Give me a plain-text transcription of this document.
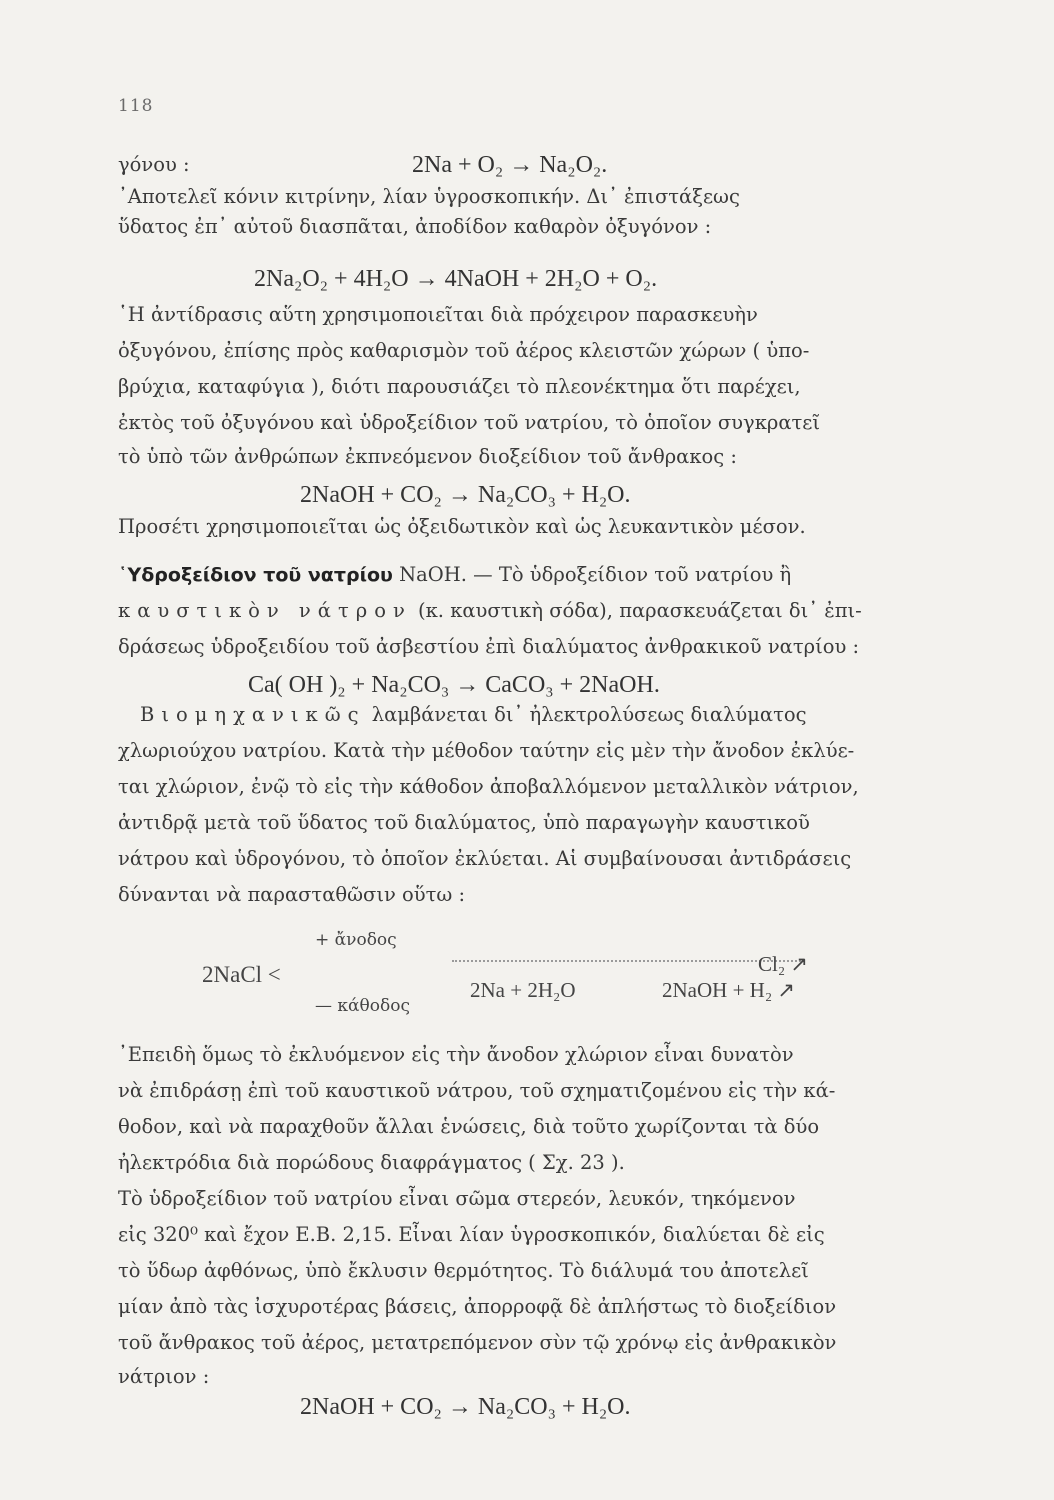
118
γόνου :	2Na + O₂ → Na₂O₂.
᾿Αποτελεῖ κόνιν κιτρίνην, λίαν ὑγροσκοπικήν. Δι᾿ ἐπιστάξεως
ὕδατος ἐπ᾿ αὐτοῦ διασπᾶται, ἀποδίδον καθαρὸν ὀξυγόνον :
2Na₂O₂ + 4H₂O → 4NaOH + 2H₂O + O₂.
῾Η ἀντίδρασις αὕτη χρησιμοποιεῖται διὰ πρόχειρον παρασκευὴν
ὀξυγόνου, ἐπίσης πρὸς καθαρισμὸν τοῦ ἀέρος κλειστῶν χώρων ( ὑπο-
βρύχια, καταφύγια ), διότι παρουσιάζει τὸ πλεονέκτημα ὅτι παρέχει,
ἐκτὸς τοῦ ὀξυγόνου καὶ ὑδροξείδιον τοῦ νατρίου, τὸ ὁποῖον συγκρατεῖ
τὸ ὑπὸ τῶν ἀνθρώπων ἐκπνεόμενον διοξείδιον τοῦ ἄνθρακος :
2NaOH + CO₂ → Na₂CO₃ + H₂O.
Προσέτι χρησιμοποιεῖται ὡς ὀξειδωτικὸν καὶ ὡς λευκαντικὸν μέσον.
῾Υδροξείδιον τοῦ νατρίου NaOH. — Τὸ ὑδροξείδιον τοῦ νατρίου ἢ
καυστικὸν νάτρον (κ. καυστικὴ σόδα), παρασκευάζεται δι᾿ ἐπι-
δράσεως ὑδροξειδίου τοῦ ἀσβεστίου ἐπὶ διαλύματος ἀνθρακικοῦ νατρίου :
Ca( OH )₂ + Na₂CO₃ → CaCO₃ + 2NaOH.
Βιομηχανικῶς λαμβάνεται δι᾿ ἠλεκτρολύσεως διαλύματος
χλωριούχου νατρίου. Κατὰ τὴν μέθοδον ταύτην εἰς μὲν τὴν ἄνοδον ἐκλύε-
ται χλώριον, ἐνῷ τὸ εἰς τὴν κάθοδον ἀποβαλλόμενον μεταλλικὸν νάτριον,
ἀντιδρᾷ μετὰ τοῦ ὕδατος τοῦ διαλύματος, ὑπὸ παραγωγὴν καυστικοῦ
νάτρου καὶ ὑδρογόνου, τὸ ὁποῖον ἐκλύεται. Αἱ συμβαίνουσαι ἀντιδράσεις
δύνανται νὰ παρασταθῶσιν οὕτω :
+ ἄνοδος
2NaCl <	Cl₂ ↗
2Na + 2H₂O	2NaOH + H₂ ↗
— κάθοδος
᾿Επειδὴ ὅμως τὸ ἐκλυόμενον εἰς τὴν ἄνοδον χλώριον εἶναι δυνατὸν
νὰ ἐπιδράσῃ ἐπὶ τοῦ καυστικοῦ νάτρου, τοῦ σχηματιζομένου εἰς τὴν κά-
θοδον, καὶ νὰ παραχθοῦν ἄλλαι ἑνώσεις, διὰ τοῦτο χωρίζονται τὰ δύο
ἠλεκτρόδια διὰ πορώδους διαφράγματος ( Σχ. 23 ).
Τὸ ὑδροξείδιον τοῦ νατρίου εἶναι σῶμα στερεόν, λευκόν, τηκόμενον
εἰς 320⁰ καὶ ἔχον Ε.Β. 2,15. Εἶναι λίαν ὑγροσκοπικόν, διαλύεται δὲ εἰς
τὸ ὕδωρ ἀφθόνως, ὑπὸ ἔκλυσιν θερμότητος. Τὸ διάλυμά του ἀποτελεῖ
μίαν ἀπὸ τὰς ἰσχυροτέρας βάσεις, ἀπορροφᾷ δὲ ἀπλήστως τὸ διοξείδιον
τοῦ ἄνθρακος τοῦ ἀέρος, μετατρεπόμενον σὺν τῷ χρόνῳ εἰς ἀνθρακικὸν
νάτριον :
2NaOH + CO₂ → Na₂CO₃ + H₂O.
